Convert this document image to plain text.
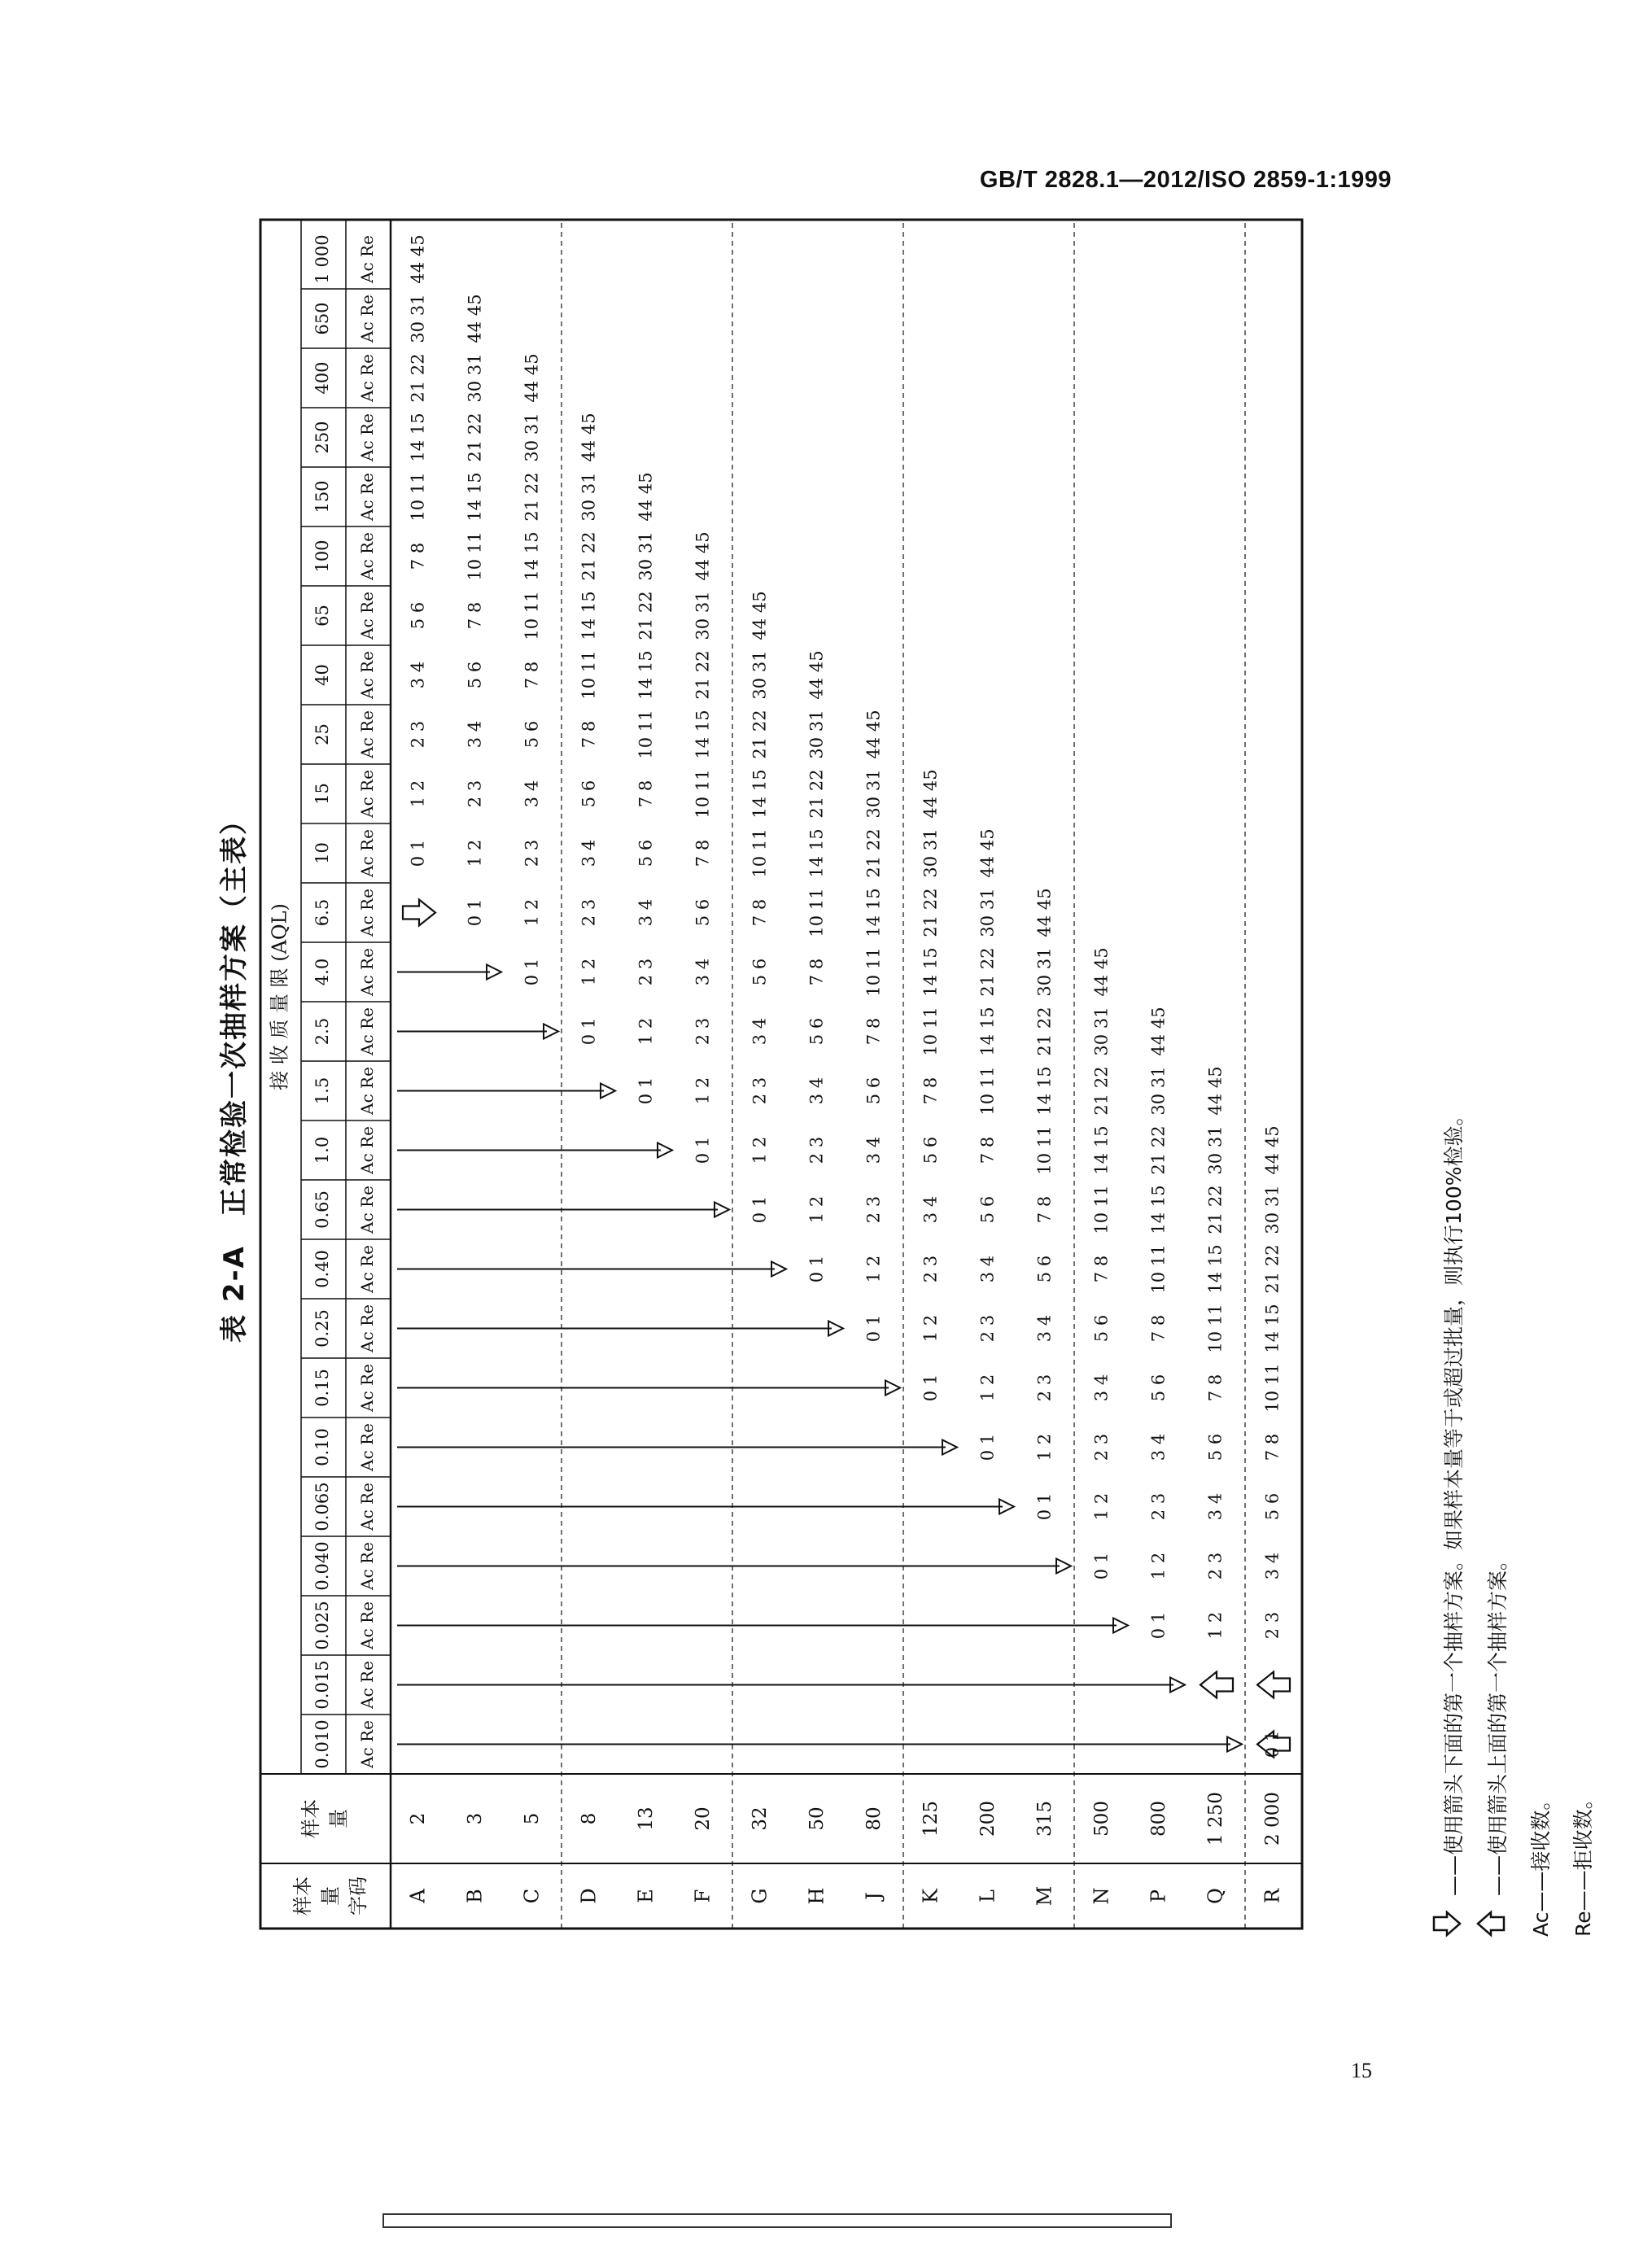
GB/T 2828.1—2012/ISO 2859-1:1999
表 2-A　正常检验一次抽样方案（主表）
样本 量 字码
样本 量
接 收 质 量 限 (AQL)
0.010
0.015
0.025
0.040
0.065
0.10
0.15
0.25
0.40
0.65
1.0
1.5
2.5
4.0
6.5
10
15
25
40
65
100
150
250
400
650
1 000
Ac Re
Ac Re
Ac Re
Ac Re
Ac Re
Ac Re
Ac Re
Ac Re
Ac Re
Ac Re
Ac Re
Ac Re
Ac Re
Ac Re
Ac Re
Ac Re
Ac Re
Ac Re
Ac Re
Ac Re
Ac Re
Ac Re
Ac Re
Ac Re
Ac Re
Ac Re
A B C D E F G H J K L M N P Q R
2 3 5 8 13 20 32 50 80 125 200 315 500 800 1 250 2 000
0 1
1 2
2 3
3 4
5 6
7 8
10 11
14 15
21 22
30 31
44 45
0 1
1 2
2 3
3 4
5 6
7 8
10 11
14 15
21 22
30 31
44 45
0 1
1 2
2 3
3 4
5 6
7 8
10 11
14 15
21 22
30 31
44 45
0 1
1 2
2 3
3 4
5 6
7 8
10 11
14 15
21 22
30 31
44 45
0 1
1 2
2 3
3 4
5 6
7 8
10 11
14 15
21 22
30 31
44 45
0 1
1 2
2 3
3 4
5 6
7 8
10 11
14 15
21 22
30 31
44 45
0 1
1 2
2 3
3 4
5 6
7 8
10 11
14 15
21 22
30 31
44 45
0 1
1 2
2 3
3 4
5 6
7 8
10 11
14 15
21 22
30 31
44 45
0 1
1 2
2 3
3 4
5 6
7 8
10 11
14 15
21 22
30 31
44 45
0 1
1 2
2 3
3 4
5 6
7 8
10 11
14 15
21 22
30 31
44 45
0 1
1 2
2 3
3 4
5 6
7 8
10 11
14 15
21 22
30 31
44 45
0 1
1 2
2 3
3 4
5 6
7 8
10 11
14 15
21 22
30 31
44 45
0 1
1 2
2 3
3 4
5 6
7 8
10 11
14 15
21 22
30 31
44 45
0 1
1 2
2 3
3 4
5 6
7 8
10 11
14 15
21 22
30 31
44 45
1 2
2 3
3 4
5 6
7 8
10 11
14 15
21 22
30 31
44 45
0 1
2 3
3 4
5 6
7 8
10 11
14 15
21 22
30 31
44 45	——使用箭头下面的第一个抽样方案。如果样本量等于或超过批量，则执行100%检验。	——使用箭头上面的第一个抽样方案。 Ac——接收数。 Re——拒收数。
15
